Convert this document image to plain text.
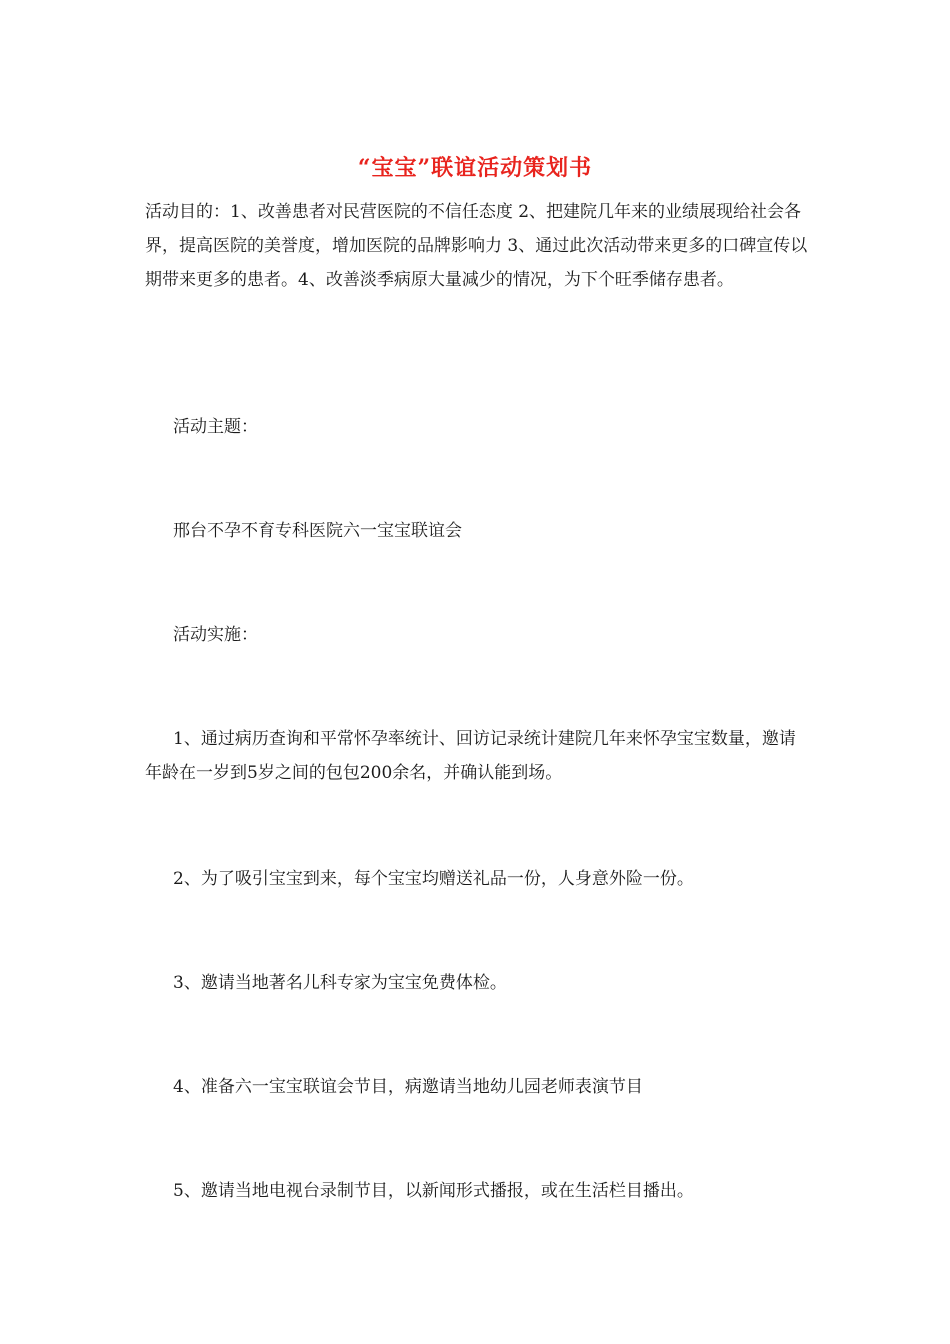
“宝宝”联谊活动策划书

活动目的：1、改善患者对民营医院的不信任态度 2、把建院几年来的业绩展现给社会各界，提高医院的美誉度，增加医院的品牌影响力 3、通过此次活动带来更多的口碑宣传以期带来更多的患者。4、改善淡季病原大量减少的情况，为下个旺季储存患者。

活动主题：

邢台不孕不育专科医院六一宝宝联谊会

活动实施：

1、通过病历查询和平常怀孕率统计、回访记录统计建院几年来怀孕宝宝数量，邀请年龄在一岁到5岁之间的包包200余名，并确认能到场。

2、为了吸引宝宝到来，每个宝宝均赠送礼品一份，人身意外险一份。

3、邀请当地著名儿科专家为宝宝免费体检。

4、准备六一宝宝联谊会节目，病邀请当地幼儿园老师表演节目

5、邀请当地电视台录制节目，以新闻形式播报，或在生活栏目播出。
